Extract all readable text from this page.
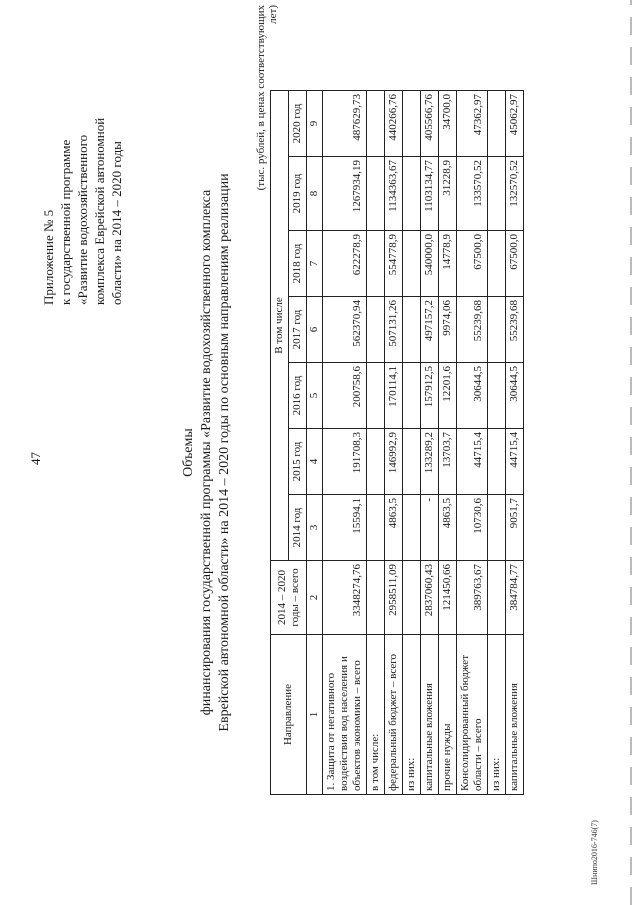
47
Приложение № 5 к государственной программе «Развитие водохозяйственного комплекса Еврейской автономной области» на 2014 – 2020 годы
Объемы финансирования государственной программы «Развитие водохозяйственного комплекса Еврейской автономной области» на 2014 – 2020 годы по основным направлениям реализации
(тыс. рублей, в ценах соответствующих лет)
Направление	2014 – 2020 годы – всего	В том числе						
		2014 год	2015 год	2016 год	2017 год	2018 год	2019 год	2020 год
1	2	3	4	5	6	7	8	9
1. Защита от негативного воздействия вод населения и объектов экономики – всего	3348274,76	15594,1	191708,3	200758,6	562370,94	622278,9	1267934,19	487629,73
в том числе:								
федеральный бюджет – всего	2958511,09	4863,5	146992,9	170114,1	507131,26	554778,9	1134363,67	440266,76
из них:								
капитальные вложения	2837060,43	-	133289,2	157912,5	497157,2	540000,0	1103134,77	405566,76
прочие нужды	121450,66	4863,5	13703,7	12201,6	9974,06	14778,9	31228,9	34700,0
Консолидированный бюджет области – всего	389763,67	10730,6	44715,4	30644,5	55239,68	67500,0	133570,52	47362,97
из них:								
капитальные вложения	384784,77	9051,7	44715,4	30644,5	55239,68	67500,0	132570,52	45062,97
Шнипо2016-746(7)
